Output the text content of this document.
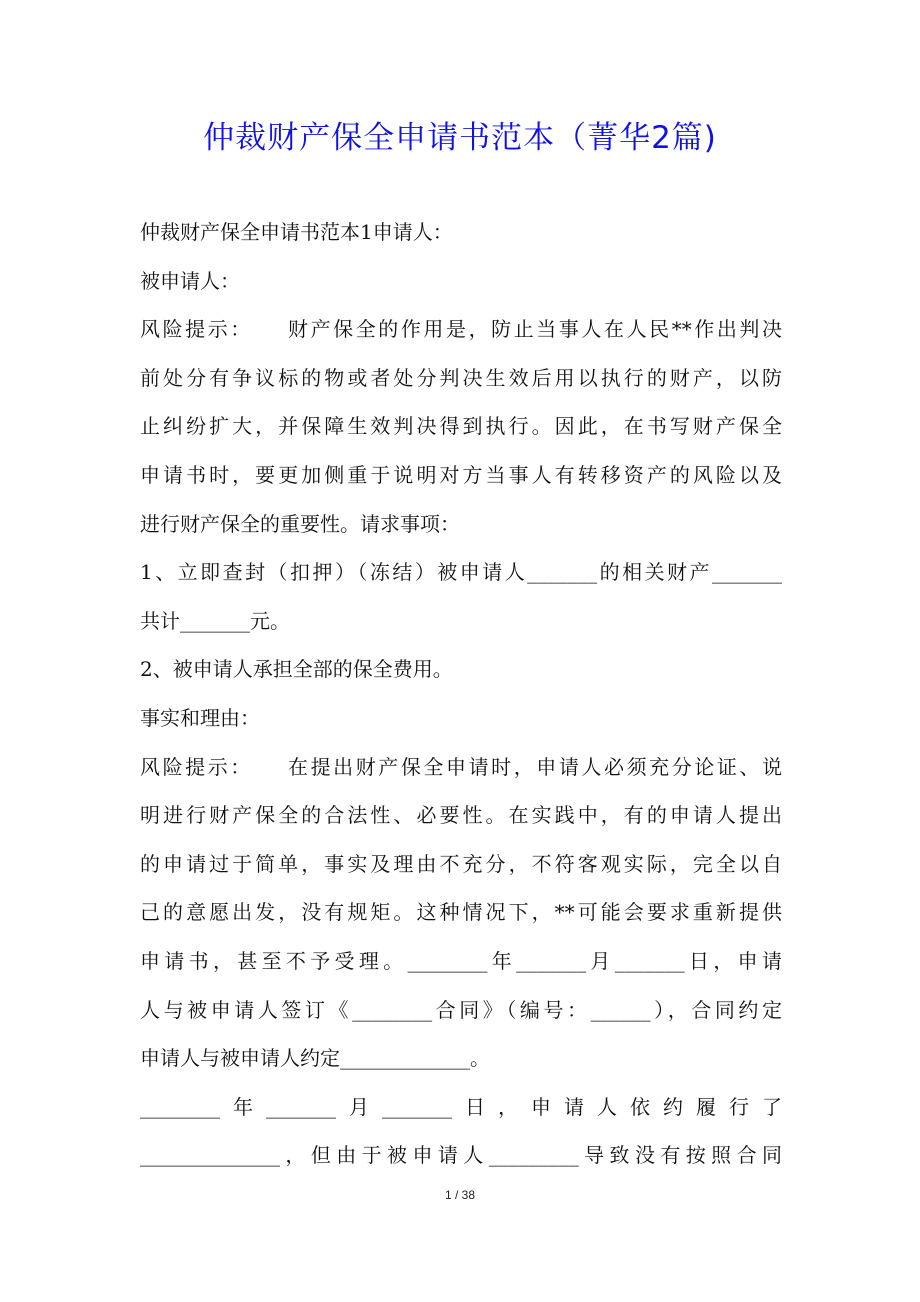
仲裁财产保全申请书范本（菁华2篇)
仲裁财产保全申请书范本1申请人：
被申请人：
风险提示：　　财产保全的作用是，防止当事人在人民**作出判决
前处分有争议标的物或者处分判决生效后用以执行的财产，以防
止纠纷扩大，并保障生效判决得到执行。因此，在书写财产保全
申请书时，要更加侧重于说明对方当事人有转移资产的风险以及
进行财产保全的重要性。请求事项：
1、立即查封（扣押）（冻结）被申请人_______的相关财产_______
共计_______元。
2、被申请人承担全部的保全费用。
事实和理由：
风险提示：　　在提出财产保全申请时，申请人必须充分论证、说
明进行财产保全的合法性、必要性。在实践中，有的申请人提出
的申请过于简单，事实及理由不充分，不符客观实际，完全以自
己的意愿出发，没有规矩。这种情况下，**可能会要求重新提供
申请书，甚至不予受理。________年_______月_______日，申请
人与被申请人签订《________合同》（编号：______），合同约定
申请人与被申请人约定_____________。
________年_______月_______日，申请人依约履行了
______________，但由于被申请人_________导致没有按照合同
1 / 38
